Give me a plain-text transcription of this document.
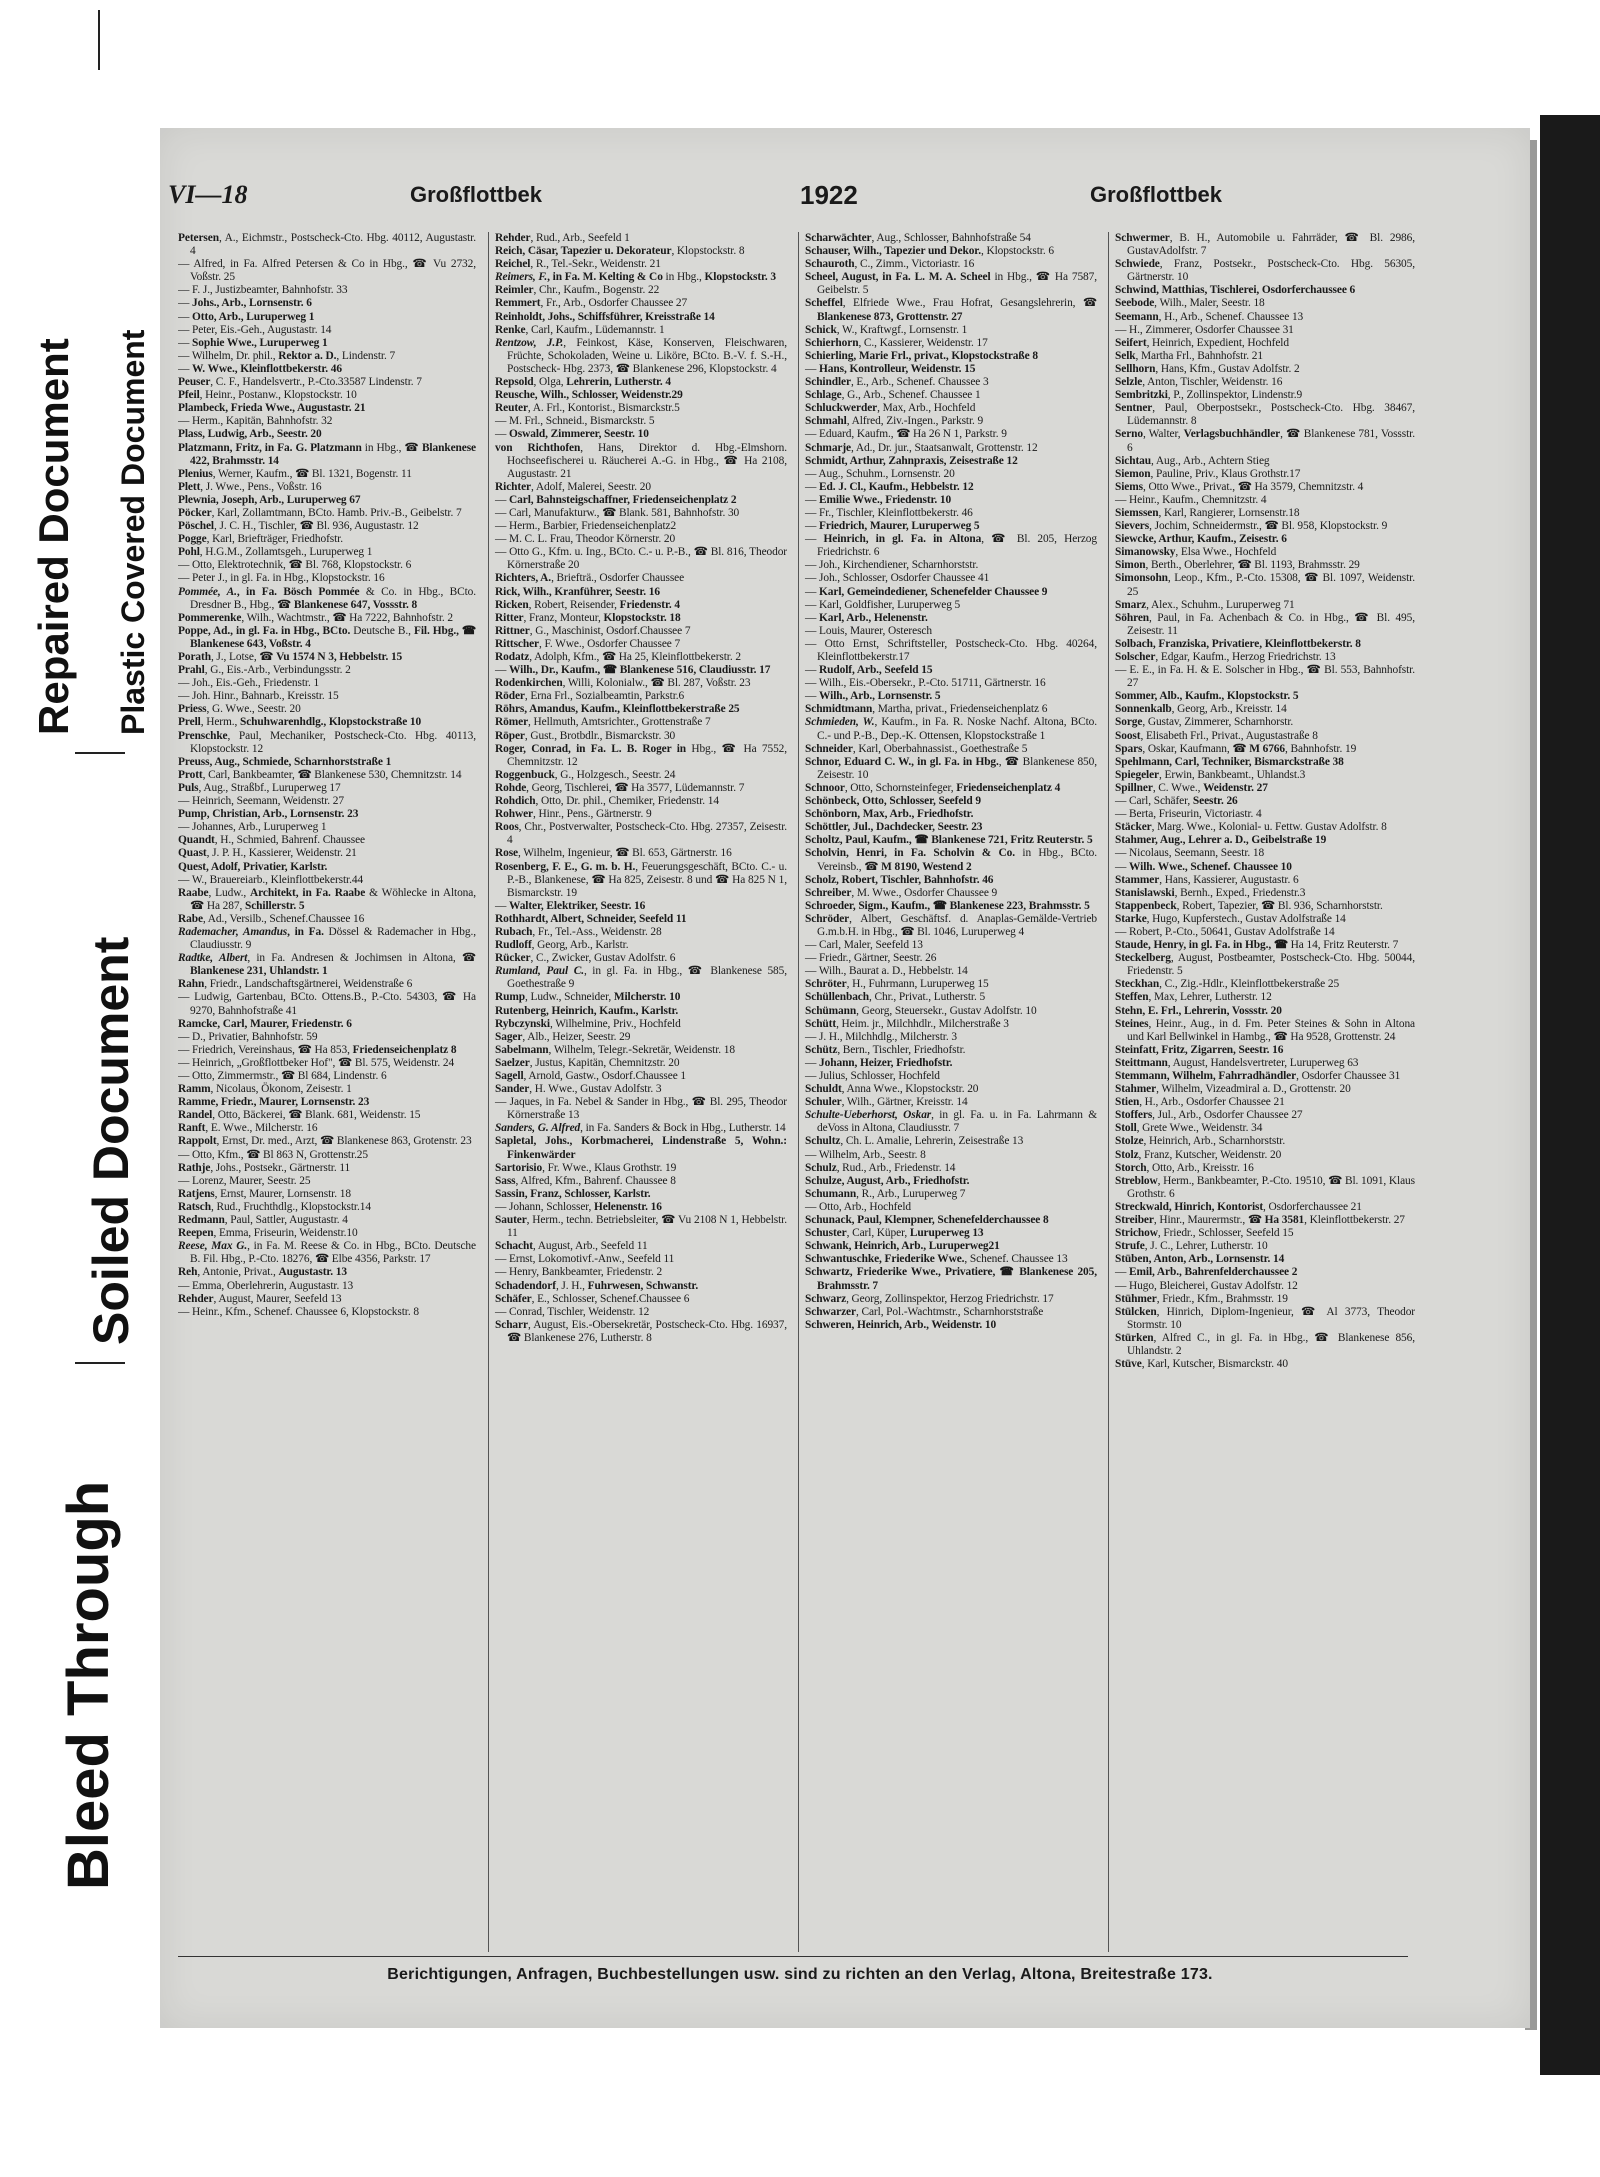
Repaired Document Plastic Covered Document
Soiled Document
Bleed Through
VI—18	Großflottbek	1922	Großflottbek
Petersen, A., Eichmstr., Postscheck-Cto. Hbg. 40112, Augustastr. 4
— Alfred, in Fa. Alfred Petersen & Co in Hbg., ☎ Vu 2732, Voßstr. 25
— F. J., Justizbeamter, Bahnhofstr. 33
— Johs., Arb., Lornsenstr. 6
— Otto, Arb., Luruperweg 1
— Peter, Eis.-Geh., Augustastr. 14
— Sophie Wwe., Luruperweg 1
— Wilhelm, Dr. phil., Rektor a. D., Lindenstr. 7
— W. Wwe., Kleinflottbekerstr. 46
Peuser, C. F., Handelsvertr., P.-Cto.33587 Lindenstr. 7
Pfeil, Heinr., Postanw., Klopstockstr. 10
Plambeck, Frieda Wwe., Augustastr. 21
— Herm., Kapitän, Bahnhofstr. 32
Plass, Ludwig, Arb., Seestr. 20
Platzmann, Fritz, in Fa. G. Platzmann in Hbg., ☎ Blankenese 422, Brahmsstr. 14
Plenius, Werner, Kaufm., ☎ Bl. 1321, Bogenstr. 11
Plett, J. Wwe., Pens., Voßstr. 16
Plewnia, Joseph, Arb., Luruperweg 67
Pöcker, Karl, Zollamtmann, BCto. Hamb. Priv.-B., Geibelstr. 7
Pöschel, J. C. H., Tischler, ☎ Bl. 936, Augustastr. 12
Pogge, Karl, Briefträger, Friedhofstr.
Pohl, H.G.M., Zollamtsgeh., Luruperweg 1
— Otto, Elektrotechnik, ☎ Bl. 768, Klopstockstr. 6
— Peter J., in gl. Fa. in Hbg., Klopstockstr. 16
Pommée, A., in Fa. Bösch Pommée & Co. in Hbg., BCto. Dresdner B., Hbg., ☎ Blankenese 647, Vossstr. 8
Pommerenke, Wilh., Wachtmstr., ☎ Ha 7222, Bahnhofstr. 2
Poppe, Ad., in gl. Fa. in Hbg., BCto. Deutsche B., Fil. Hbg., ☎ Blankenese 643, Voßstr. 4
Porath, J., Lotse, ☎ Vu 1574 N 3, Hebbelstr. 15
Prahl, G., Eis.-Arb., Verbindungsstr. 2
— Joh., Eis.-Geh., Friedenstr. 1
— Joh. Hinr., Bahnarb., Kreisstr. 15
Priess, G. Wwe., Seestr. 20
Prell, Herm., Schuhwarenhdlg., Klopstockstraße 10
Prenschke, Paul, Mechaniker, Postscheck-Cto. Hbg. 40113, Klopstockstr. 12
Preuss, Aug., Schmiede, Scharnhorststraße 1
Prott, Carl, Bankbeamter, ☎ Blankenese 530, Chemnitzstr. 14
Puls, Aug., Straßbf., Luruperweg 17
— Heinrich, Seemann, Weidenstr. 27
Pump, Christian, Arb., Lornsenstr. 23
— Johannes, Arb., Luruperweg 1
Quandt, H., Schmied, Bahrenf. Chaussee
Quast, J. P. H., Kassierer, Weidenstr. 21
Quest, Adolf, Privatier, Karlstr.
— W., Brauereiarb., Kleinflottbekerstr.44
Raabe, Ludw., Architekt, in Fa. Raabe & Wöhlecke in Altona, ☎ Ha 287, Schillerstr. 5
Rabe, Ad., Versilb., Schenef.Chaussee 16
Rademacher, Amandus, in Fa. Dössel & Rademacher in Hbg., Claudiusstr. 9
Radtke, Albert, in Fa. Andresen & Jochimsen in Altona, ☎ Blankenese 231, Uhlandstr. 1
Rahn, Friedr., Landschaftsgärtnerei, Weidenstraße 6
— Ludwig, Gartenbau, BCto. Ottens.B., P.-Cto. 54303, ☎ Ha 9270, Bahnhofstraße 41
Ramcke, Carl, Maurer, Friedenstr. 6
— D., Privatier, Bahnhofstr. 59
— Friedrich, Vereinshaus, ☎ Ha 853, Friedenseichenplatz 8
— Heinrich, „Großflottbeker Hof", ☎ Bl. 575, Weidenstr. 24
— Otto, Zimmermstr., ☎ Bl 684, Lindenstr. 6
Ramm, Nicolaus, Ökonom, Zeisestr. 1
Ramme, Friedr., Maurer, Lornsenstr. 23
Randel, Otto, Bäckerei, ☎ Blank. 681, Weidenstr. 15
Ranft, E. Wwe., Milcherstr. 16
Rappolt, Ernst, Dr. med., Arzt, ☎ Blankenese 863, Grotenstr. 23
— Otto, Kfm., ☎ Bl 863 N, Grottenstr.25
Rathje, Johs., Postsekr., Gärtnerstr. 11
— Lorenz, Maurer, Seestr. 25
Ratjens, Ernst, Maurer, Lornsenstr. 18
Ratsch, Rud., Fruchthdlg., Klopstockstr.14
Redmann, Paul, Sattler, Augustastr. 4
Reepen, Emma, Friseurin, Weidenstr.10
Reese, Max G., in Fa. M. Reese & Co. in Hbg., BCto. Deutsche B. Fil. Hbg., P.-Cto. 18276, ☎ Elbe 4356, Parkstr. 17
Reh, Antonie, Privat., Augustastr. 13
— Emma, Oberlehrerin, Augustastr. 13
Rehder, August, Maurer, Seefeld 13
— Heinr., Kfm., Schenef. Chaussee 6, Klopstockstr. 8
Rehder, Rud., Arb., Seefeld 1
Reich, Cäsar, Tapezier u. Dekorateur, Klopstockstr. 8
Reichel, R., Tel.-Sekr., Weidenstr. 21
Reimers, F., in Fa. M. Kelting & Co in Hbg., Klopstockstr. 3
Reimler, Chr., Kaufm., Bogenstr. 22
Remmert, Fr., Arb., Osdorfer Chaussee 27
Reinholdt, Johs., Schiffsführer, Kreisstraße 14
Renke, Carl, Kaufm., Lüdemannstr. 1
Rentzow, J.P., Feinkost, Käse, Konserven, Fleischwaren, Früchte, Schokoladen, Weine u. Liköre, BCto. B.-V. f. S.-H., Postscheck- Hbg. 2373, ☎ Blankenese 296, Klopstockstr. 4
Repsold, Olga, Lehrerin, Lutherstr. 4
Reusche, Wilh., Schlosser, Weidenstr.29
Reuter, A. Frl., Kontorist., Bismarckstr.5
— M. Frl., Schneid., Bismarckstr. 5
— Oswald, Zimmerer, Seestr. 10
von Richthofen, Hans, Direktor d. Hbg.-Elmshorn. Hochseefischerei u. Räucherei A.-G. in Hbg., ☎ Ha 2108, Augustastr. 21
Richter, Adolf, Malerei, Seestr. 20
— Carl, Bahnsteigschaffner, Friedenseichenplatz 2
— Carl, Manufakturw., ☎ Blank. 581, Bahnhofstr. 30
— Herm., Barbier, Friedenseichenplatz2
— M. C. L. Frau, Theodor Körnerstr. 20
— Otto G., Kfm. u. Ing., BCto. C.- u. P.-B., ☎ Bl. 816, Theodor Körnerstraße 20
Richters, A., Briefträ., Osdorfer Chaussee
Rick, Wilh., Kranführer, Seestr. 16
Ricken, Robert, Reisender, Friedenstr. 4
Ritter, Franz, Monteur, Klopstockstr. 18
Rittner, G., Maschinist, Osdorf.Chaussee 7
Rittscher, F. Wwe., Osdorfer Chaussee 7
Rodatz, Adolph, Kfm., ☎ Ha 25, Kleinflottbekerstr. 2
— Wilh., Dr., Kaufm., ☎ Blankenese 516, Claudiusstr. 17
Rodenkirchen, Willi, Kolonialw., ☎ Bl. 287, Voßstr. 23
Röder, Erna Frl., Sozialbeamtin, Parkstr.6
Röhrs, Amandus, Kaufm., Kleinflottbekerstraße 25
Römer, Hellmuth, Amtsrichter., Grottenstraße 7
Röper, Gust., Brotbdlr., Bismarckstr. 30
Roger, Conrad, in Fa. L. B. Roger in Hbg., ☎ Ha 7552, Chemnitzstr. 12
Roggenbuck, G., Holzgesch., Seestr. 24
Rohde, Georg, Tischlerei, ☎ Ha 3577, Lüdemannstr. 7
Rohdich, Otto, Dr. phil., Chemiker, Friedenstr. 14
Rohwer, Hinr., Pens., Gärtnerstr. 9
Roos, Chr., Postverwalter, Postscheck-Cto. Hbg. 27357, Zeisestr. 4
Rose, Wilhelm, Ingenieur, ☎ Bl. 653, Gärtnerstr. 16
Rosenberg, F. E., G. m. b. H., Feuerungsgeschäft, BCto. C.- u. P.-B., Blankenese, ☎ Ha 825, Zeisestr. 8 und ☎ Ha 825 N 1, Bismarckstr. 19
— Walter, Elektriker, Seestr. 16
Rothhardt, Albert, Schneider, Seefeld 11
Rubach, Fr., Tel.-Ass., Weidenstr. 28
Rudloff, Georg, Arb., Karlstr.
Rücker, C., Zwicker, Gustav Adolfstr. 6
Rumland, Paul C., in gl. Fa. in Hbg., ☎ Blankenese 585, Goethestraße 9
Rump, Ludw., Schneider, Milcherstr. 10
Rutenberg, Heinrich, Kaufm., Karlstr.
Rybczynski, Wilhelmine, Priv., Hochfeld
Sager, Alb., Heizer, Seestr. 29
Sabelmann, Wilhelm, Telegr.-Sekretär, Weidenstr. 18
Saelzer, Justus, Kapitän, Chemnitzstr. 20
Sagell, Arnold, Gastw., Osdorf.Chaussee 1
Sander, H. Wwe., Gustav Adolfstr. 3
— Jaques, in Fa. Nebel & Sander in Hbg., ☎ Bl. 295, Theodor Körnerstraße 13
Sanders, G. Alfred, in Fa. Sanders & Bock in Hbg., Lutherstr. 14
Sapletal, Johs., Korbmacherei, Lindenstraße 5, Wohn.: Finkenwärder
Sartorisio, Fr. Wwe., Klaus Grothstr. 19
Sass, Alfred, Kfm., Bahrenf. Chaussee 8
Sassin, Franz, Schlosser, Karlstr.
— Johann, Schlosser, Helenenstr. 16
Sauter, Herm., techn. Betriebsleiter, ☎ Vu 2108 N 1, Hebbelstr. 11
Schacht, August, Arb., Seefeld 11
— Ernst, Lokomotivf.-Anw., Seefeld 11
— Henry, Bankbeamter, Friedenstr. 2
Schadendorf, J. H., Fuhrwesen, Schwanstr.
Schäfer, E., Schlosser, Schenef.Chaussee 6
— Conrad, Tischler, Weidenstr. 12
Scharr, August, Eis.-Obersekretär, Postscheck-Cto. Hbg. 16937, ☎ Blankenese 276, Lutherstr. 8
Scharwächter, Aug., Schlosser, Bahnhofstraße 54
Schauser, Wilh., Tapezier und Dekor., Klopstockstr. 6
Schauroth, C., Zimm., Victoriastr. 16
Scheel, August, in Fa. L. M. A. Scheel in Hbg., ☎ Ha 7587, Geibelstr. 5
Scheffel, Elfriede Wwe., Frau Hofrat, Gesangslehrerin, ☎ Blankenese 873, Grottenstr. 27
Schick, W., Kraftwgf., Lornsenstr. 1
Schierhorn, C., Kassierer, Weidenstr. 17
Schierling, Marie Frl., privat., Klopstockstraße 8
— Hans, Kontrolleur, Weidenstr. 15
Schindler, E., Arb., Schenef. Chaussee 3
Schlage, G., Arb., Schenef. Chaussee 1
Schluckwerder, Max, Arb., Hochfeld
Schmahl, Alfred, Ziv.-Ingen., Parkstr. 9
— Eduard, Kaufm., ☎ Ha 26 N 1, Parkstr. 9
Schmarje, Ad., Dr. jur., Staatsanwalt, Grottenstr. 12
Schmidt, Arthur, Zahnpraxis, Zeisestraße 12
— Aug., Schuhm., Lornsenstr. 20
— Ed. J. Cl., Kaufm., Hebbelstr. 12
— Emilie Wwe., Friedenstr. 10
— Fr., Tischler, Kleinflottbekerstr. 46
— Friedrich, Maurer, Luruperweg 5
— Heinrich, in gl. Fa. in Altona, ☎ Bl. 205, Herzog Friedrichstr. 6
— Joh., Kirchendiener, Scharnhorststr.
— Joh., Schlosser, Osdorfer Chaussee 41
— Karl, Gemeindediener, Schenefelder Chaussee 9
— Karl, Goldfisher, Luruperweg 5
— Karl, Arb., Helenenstr.
— Louis, Maurer, Osteresch
— Otto Ernst, Schriftsteller, Postscheck-Cto. Hbg. 40264, Kleinflottbekerstr.17
— Rudolf, Arb., Seefeld 15
— Wilh., Eis.-Obersekr., P.-Cto. 51711, Gärtnerstr. 16
— Wilh., Arb., Lornsenstr. 5
Schmidtmann, Martha, privat., Friedenseichenplatz 6
Schmieden, W., Kaufm., in Fa. R. Noske Nachf. Altona, BCto. C.- und P.-B., Dep.-K. Ottensen, Klopstockstraße 1
Schneider, Karl, Oberbahnassist., Goethestraße 5
Schnor, Eduard C. W., in gl. Fa. in Hbg., ☎ Blankenese 850, Zeisestr. 10
Schnoor, Otto, Schornsteinfeger, Friedenseichenplatz 4
Schönbeck, Otto, Schlosser, Seefeld 9
Schönborn, Max, Arb., Friedhofstr.
Schöttler, Jul., Dachdecker, Seestr. 23
Scholtz, Paul, Kaufm., ☎ Blankenese 721, Fritz Reuterstr. 5
Scholvin, Henri, in Fa. Scholvin & Co. in Hbg., BCto. Vereinsb., ☎ M 8190, Westend 2
Scholz, Robert, Tischler, Bahnhofstr. 46
Schreiber, M. Wwe., Osdorfer Chaussee 9
Schroeder, Sigm., Kaufm., ☎ Blankenese 223, Brahmsstr. 5
Schröder, Albert, Geschäftsf. d. Anaplas-Gemälde-Vertrieb G.m.b.H. in Hbg., ☎ Bl. 1046, Luruperweg 4
— Carl, Maler, Seefeld 13
— Friedr., Gärtner, Seestr. 26
— Wilh., Baurat a. D., Hebbelstr. 14
Schröter, H., Fuhrmann, Luruperweg 15
Schüllenbach, Chr., Privat., Lutherstr. 5
Schümann, Georg, Steuersekr., Gustav Adolfstr. 10
Schütt, Heim. jr., Milchhdlr., Milcherstraße 3
— J. H., Milchhdlg., Milcherstr. 3
Schütz, Bern., Tischler, Friedhofstr.
— Johann, Heizer, Friedhofstr.
— Julius, Schlosser, Hochfeld
Schuldt, Anna Wwe., Klopstockstr. 20
Schuler, Wilh., Gärtner, Kreisstr. 14
Schulte-Ueberhorst, Oskar, in gl. Fa. u. in Fa. Lahrmann & deVoss in Altona, Claudiusstr. 7
Schultz, Ch. L. Amalie, Lehrerin, Zeisestraße 13
— Wilhelm, Arb., Seestr. 8
Schulz, Rud., Arb., Friedenstr. 14
Schulze, August, Arb., Friedhofstr.
Schumann, R., Arb., Luruperweg 7
— Otto, Arb., Hochfeld
Schunack, Paul, Klempner, Schenefelderchaussee 8
Schuster, Carl, Küper, Luruperweg 13
Schwank, Heinrich, Arb., Luruperweg21
Schwantuschke, Friederike Wwe., Schenef. Chaussee 13
Schwartz, Friederike Wwe., Privatiere, ☎ Blankenese 205, Brahmsstr. 7
Schwarz, Georg, Zollinspektor, Herzog Friedrichstr. 17
Schwarzer, Carl, Pol.-Wachtmstr., Scharnhorststraße
Schweren, Heinrich, Arb., Weidenstr. 10
Schwermer, B. H., Automobile u. Fahrräder, ☎ Bl. 2986, GustavAdolfstr. 7
Schwiede, Franz, Postsekr., Postscheck-Cto. Hbg. 56305, Gärtnerstr. 10
Schwind, Matthias, Tischlerei, Osdorferchaussee 6
Seebode, Wilh., Maler, Seestr. 18
Seemann, H., Arb., Schenef. Chaussee 13
— H., Zimmerer, Osdorfer Chaussee 31
Seifert, Heinrich, Expedient, Hochfeld
Selk, Martha Frl., Bahnhofstr. 21
Sellhorn, Hans, Kfm., Gustav Adolfstr. 2
Selzle, Anton, Tischler, Weidenstr. 16
Sembritzki, P., Zollinspektor, Lindenstr.9
Sentner, Paul, Oberpostsekr., Postscheck-Cto. Hbg. 38467, Lüdemannstr. 8
Serno, Walter, Verlagsbuchhändler, ☎ Blankenese 781, Vossstr. 6
Sichtau, Aug., Arb., Achtern Stieg
Siemon, Pauline, Priv., Klaus Grothstr.17
Siems, Otto Wwe., Privat., ☎ Ha 3579, Chemnitzstr. 4
— Heinr., Kaufm., Chemnitzstr. 4
Siemssen, Karl, Rangierer, Lornsenstr.18
Sievers, Jochim, Schneidermstr., ☎ Bl. 958, Klopstockstr. 9
Siewcke, Arthur, Kaufm., Zeisestr. 6
Simanowsky, Elsa Wwe., Hochfeld
Simon, Berth., Oberlehrer, ☎ Bl. 1193, Brahmsstr. 29
Simonsohn, Leop., Kfm., P.-Cto. 15308, ☎ Bl. 1097, Weidenstr. 25
Smarz, Alex., Schuhm., Luruperweg 71
Söhren, Paul, in Fa. Achenbach & Co. in Hbg., ☎ Bl. 495, Zeisestr. 11
Solbach, Franziska, Privatiere, Kleinflottbekerstr. 8
Solscher, Edgar, Kaufm., Herzog Friedrichstr. 13
— E. E., in Fa. H. & E. Solscher in Hbg., ☎ Bl. 553, Bahnhofstr. 27
Sommer, Alb., Kaufm., Klopstockstr. 5
Sonnenkalb, Georg, Arb., Kreisstr. 14
Sorge, Gustav, Zimmerer, Scharnhorstr.
Soost, Elisabeth Frl., Privat., Augustastraße 8
Spars, Oskar, Kaufmann, ☎ M 6766, Bahnhofstr. 19
Spehlmann, Carl, Techniker, Bismarckstraße 38
Spiegeler, Erwin, Bankbeamt., Uhlandst.3
Spillner, C. Wwe., Weidenstr. 27
— Carl, Schäfer, Seestr. 26
— Berta, Friseurin, Victoriastr. 4
Stäcker, Marg. Wwe., Kolonial- u. Fettw. Gustav Adolfstr. 8
Stahmer, Aug., Lehrer a. D., Geibelstraße 19
— Nicolaus, Seemann, Seestr. 18
— Wilh. Wwe., Schenef. Chaussee 10
Stammer, Hans, Kassierer, Augustastr. 6
Stanislawski, Bernh., Exped., Friedenstr.3
Stappenbeck, Robert, Tapezier, ☎ Bl. 936, Scharnhorststr.
Starke, Hugo, Kupferstech., Gustav Adolfstraße 14
— Robert, P.-Cto., 50641, Gustav Adolfstraße 14
Staude, Henry, in gl. Fa. in Hbg., ☎ Ha 14, Fritz Reuterstr. 7
Steckelberg, August, Postbeamter, Postscheck-Cto. Hbg. 50044, Friedenstr. 5
Steckhan, C., Zig.-Hdlr., Kleinflottbekerstraße 25
Steffen, Max, Lehrer, Lutherstr. 12
Stehn, E. Frl., Lehrerin, Vossstr. 20
Steines, Heinr., Aug., in d. Fm. Peter Steines & Sohn in Altona und Karl Bellwinkel in Hambg., ☎ Ha 9528, Grottenstr. 24
Steinfatt, Fritz, Zigarren, Seestr. 16
Steittmann, August, Handelsvertreter, Luruperweg 63
Stemmann, Wilhelm, Fahrradhändler, Osdorfer Chaussee 31
Stahmer, Wilhelm, Vizeadmiral a. D., Grottenstr. 20
Stien, H., Arb., Osdorfer Chaussee 21
Stoffers, Jul., Arb., Osdorfer Chaussee 27
Stoll, Grete Wwe., Weidenstr. 34
Stolze, Heinrich, Arb., Scharnhorststr.
Stolz, Franz, Kutscher, Weidenstr. 20
Storch, Otto, Arb., Kreisstr. 16
Streblow, Herm., Bankbeamter, P.-Cto. 19510, ☎ Bl. 1091, Klaus Grothstr. 6
Streckwald, Hinrich, Kontorist, Osdorferchaussee 21
Streiber, Hinr., Maurermstr., ☎ Ha 3581, Kleinflottbekerstr. 27
Strichow, Friedr., Schlosser, Seefeld 15
Strufe, J. C., Lehrer, Lutherstr. 10
Stüben, Anton, Arb., Lornsenstr. 14
— Emil, Arb., Bahrenfelderchaussee 2
— Hugo, Bleicherei, Gustav Adolfstr. 12
Stühmer, Friedr., Kfm., Brahmsstr. 19
Stülcken, Hinrich, Diplom-Ingenieur, ☎ Al 3773, Theodor Stormstr. 10
Stürken, Alfred C., in gl. Fa. in Hbg., ☎ Blankenese 856, Uhlandstr. 2
Stüve, Karl, Kutscher, Bismarckstr. 40
Berichtigungen, Anfragen, Buchbestellungen usw. sind zu richten an den Verlag, Altona, Breitestraße 173.
